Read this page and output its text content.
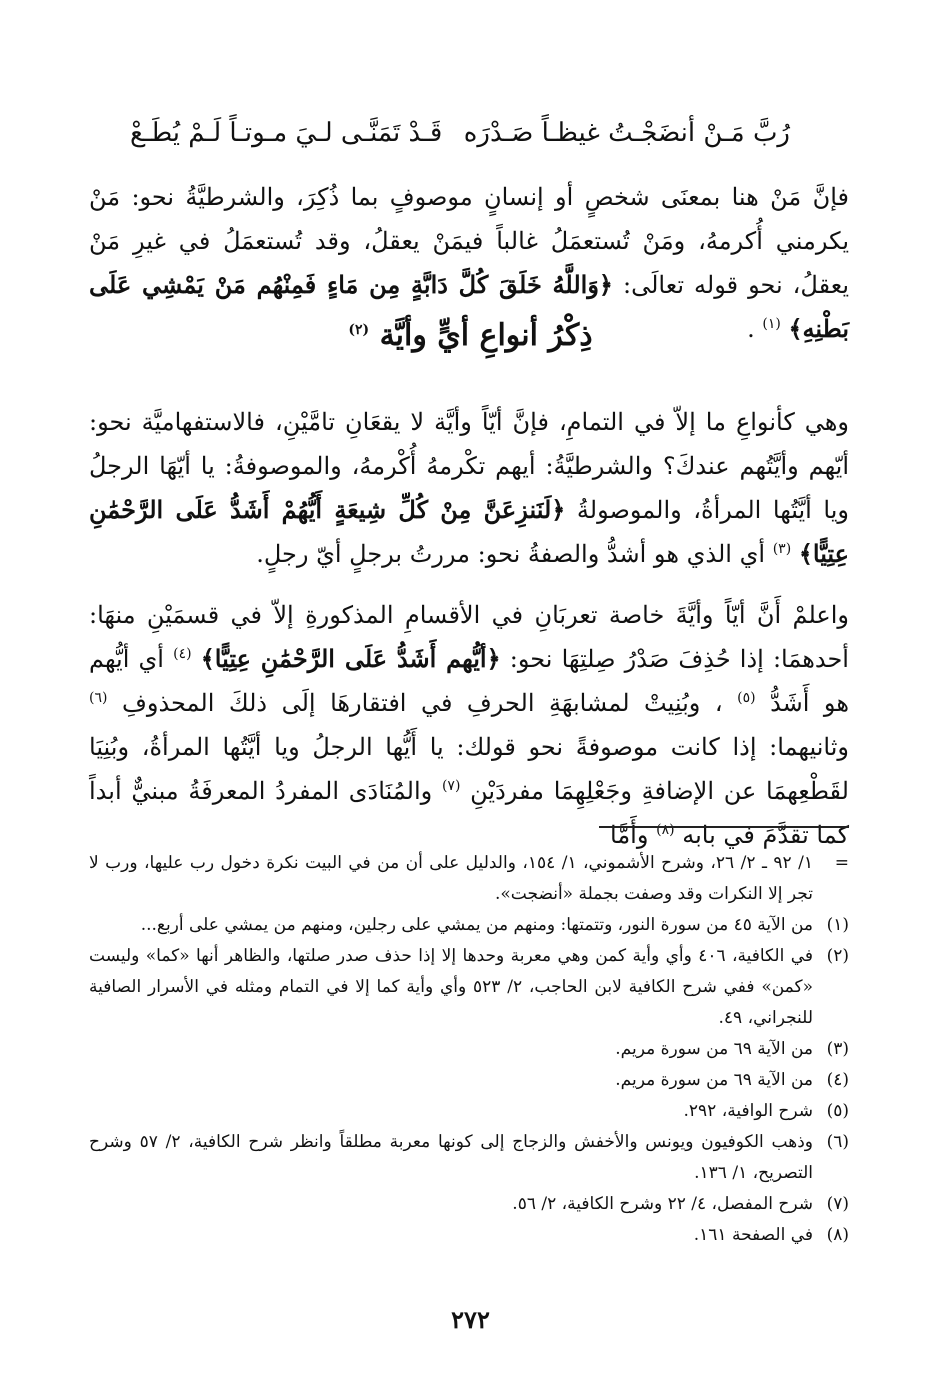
رُبَّ مَـنْ أنضَجْـتُ غيظـاً صَـدْرَه
قَـدْ تَمَنَّـى لـيَ مـوتـاً لَـمْ يُطَـعْ
فإنَّ مَنْ هنا بمعنَى شخصٍ أو إنسانٍ موصوفٍ بما ذُكِرَ، والشرطيَّةُ نحو: مَنْ يكرمني أُكرمهُ، ومَنْ تُستعمَلُ غالباً فيمَنْ يعقلُ، وقد تُستعمَلُ في غيرِ مَنْ يعقلُ، نحو قوله تعالَى: ﴿وَاللَّهُ خَلَقَ كُلَّ دَابَّةٍ مِن مَاءٍ فَمِنْهُم مَنْ يَمْشِي عَلَى بَطْنِهِ﴾ $^{(١)}$ .
ذِكْرُ أنواعِ أيٍّ وأيَّة $^{(٢)}$
وهي كأنواعِ ما إلاّ في التمامِ، فإنَّ أيّاً وأيَّة لا يقعَانِ تامَّيْنِ، فالاستفهاميَّة نحو: أيّهم وأيَّتُهم عندكَ؟ والشرطيَّةُ: أيهم تكْرمهُ أُكْرمهُ، والموصوفةُ: يا أيّهَا الرجلُ ويا أيَّتُها المرأةُ، والموصولةُ ﴿لَنَنزِعَنَّ مِنْ كُلِّ شِيعَةٍ أَيُّهُمْ أَشَدُّ عَلَى الرَّحْمَٰنِ عِتِيًّا﴾ $^{(٣)}$ أي الذي هو أشدُّ والصفةُ نحو: مررتُ برجلٍ أيّ رجلٍ.
واعلمْ أَنَّ أيّاً وأيَّةَ خاصة تعربَانِ في الأقسامِ المذكورةِ إلاّ في قسمَيْنِ منهَا: أحدهمَا: إذا حُذِفَ صَدْرُ صِلتِهَا نحو: ﴿أيُّهم أَشَدُّ عَلَى الرَّحْمَٰنِ عِتِيًّا﴾ $^{(٤)}$ أي أيُّهم هو أَشَدُّ $^{(٥)}$ ، وبُنِيتْ لمشابهَةِ الحرفِ في افتقارهَا إلَى ذلكَ المحذوفِ $^{(٦)}$ وثانيهما: إذا كانت موصوفةً نحو قولك: يا أَيُّها الرجلُ ويا أيَّتُها المرأةُ، وبُنِيَا لقَطْعِهمَا عن الإضافةِ وجَعْلِهِمَا مفردَيْنِ $^{(٧)}$ والمُنَادَى المفردُ المعرفَةُ مبنيٌّ أبداً كما تقدَّمَ في بابه $^{(٨)}$ وأَمَّا
=
١/ ٩٢ ـ ٢/ ٢٦، وشرح الأشموني، ١/ ١٥٤، والدليل على أن من في البيت نكرة دخول رب عليها، ورب لا تجر إلا النكرات وقد وصفت بجملة «أنضجت».
(١)
من الآية ٤٥ من سورة النور، وتتمتها: ومنهم من يمشي على رجلين، ومنهم من يمشي على أربع...
(٢)
في الكافية، ٤٠٦ وأي وأية كمن وهي معربة وحدها إلا إذا حذف صدر صلتها، والظاهر أنها «كما» وليست «كمن» ففي شرح الكافية لابن الحاجب، ٢/ ٥٢٣ وأي وأية كما إلا في التمام ومثله في الأسرار الصافية للنجراني، ٤٩.
(٣)
من الآية ٦٩ من سورة مريم.
(٤)
من الآية ٦٩ من سورة مريم.
(٥)
شرح الوافية، ٢٩٢.
(٦)
وذهب الكوفيون ويونس والأخفش والزجاج إلى كونها معربة مطلقاً وانظر شرح الكافية، ٢/ ٥٧ وشرح التصريح، ١/ ١٣٦.
(٧)
شرح المفصل، ٤/ ٢٢ وشرح الكافية، ٢/ ٥٦.
(٨)
في الصفحة ١٦١.
٢٧٢
